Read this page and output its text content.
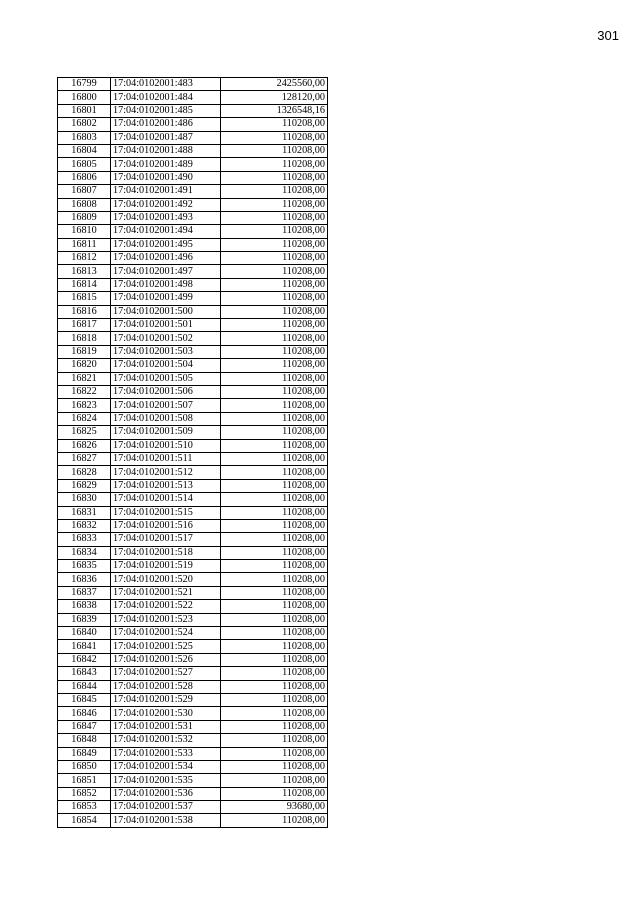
301
16799	17:04:0102001:483	2425560,00
16800	17:04:0102001:484	128120,00
16801	17:04:0102001:485	1326548,16
16802	17:04:0102001:486	110208,00
16803	17:04:0102001:487	110208,00
16804	17:04:0102001:488	110208,00
16805	17:04:0102001:489	110208,00
16806	17:04:0102001:490	110208,00
16807	17:04:0102001:491	110208,00
16808	17:04:0102001:492	110208,00
16809	17:04:0102001:493	110208,00
16810	17:04:0102001:494	110208,00
16811	17:04:0102001:495	110208,00
16812	17:04:0102001:496	110208,00
16813	17:04:0102001:497	110208,00
16814	17:04:0102001:498	110208,00
16815	17:04:0102001:499	110208,00
16816	17:04:0102001:500	110208,00
16817	17:04:0102001:501	110208,00
16818	17:04:0102001:502	110208,00
16819	17:04:0102001:503	110208,00
16820	17:04:0102001:504	110208,00
16821	17:04:0102001:505	110208,00
16822	17:04:0102001:506	110208,00
16823	17:04:0102001:507	110208,00
16824	17:04:0102001:508	110208,00
16825	17:04:0102001:509	110208,00
16826	17:04:0102001:510	110208,00
16827	17:04:0102001:511	110208,00
16828	17:04:0102001:512	110208,00
16829	17:04:0102001:513	110208,00
16830	17:04:0102001:514	110208,00
16831	17:04:0102001:515	110208,00
16832	17:04:0102001:516	110208,00
16833	17:04:0102001:517	110208,00
16834	17:04:0102001:518	110208,00
16835	17:04:0102001:519	110208,00
16836	17:04:0102001:520	110208,00
16837	17:04:0102001:521	110208,00
16838	17:04:0102001:522	110208,00
16839	17:04:0102001:523	110208,00
16840	17:04:0102001:524	110208,00
16841	17:04:0102001:525	110208,00
16842	17:04:0102001:526	110208,00
16843	17:04:0102001:527	110208,00
16844	17:04:0102001:528	110208,00
16845	17:04:0102001:529	110208,00
16846	17:04:0102001:530	110208,00
16847	17:04:0102001:531	110208,00
16848	17:04:0102001:532	110208,00
16849	17:04:0102001:533	110208,00
16850	17:04:0102001:534	110208,00
16851	17:04:0102001:535	110208,00
16852	17:04:0102001:536	110208,00
16853	17:04:0102001:537	93680,00
16854	17:04:0102001:538	110208,00
